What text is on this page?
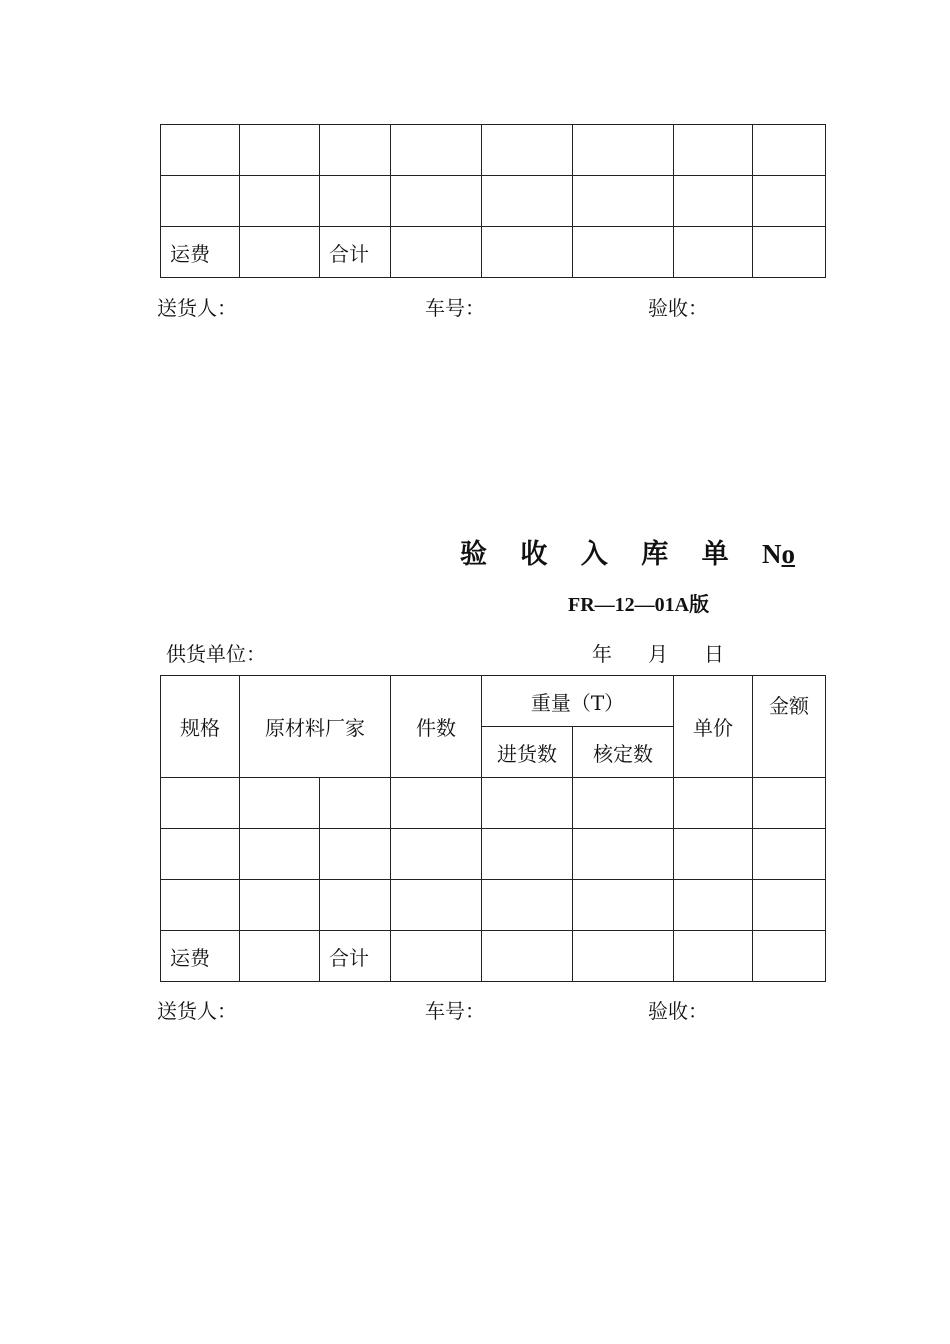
运费		合计					
送货人：	车号：	验收：
验 收 入 库 单 No
FR—12—01A版
供货单位：	年 月 日
规格	原材料厂家		件数	重量（T）		单价	金额
				进货数	核定数		

运费		合计					
送货人：	车号：	验收：
